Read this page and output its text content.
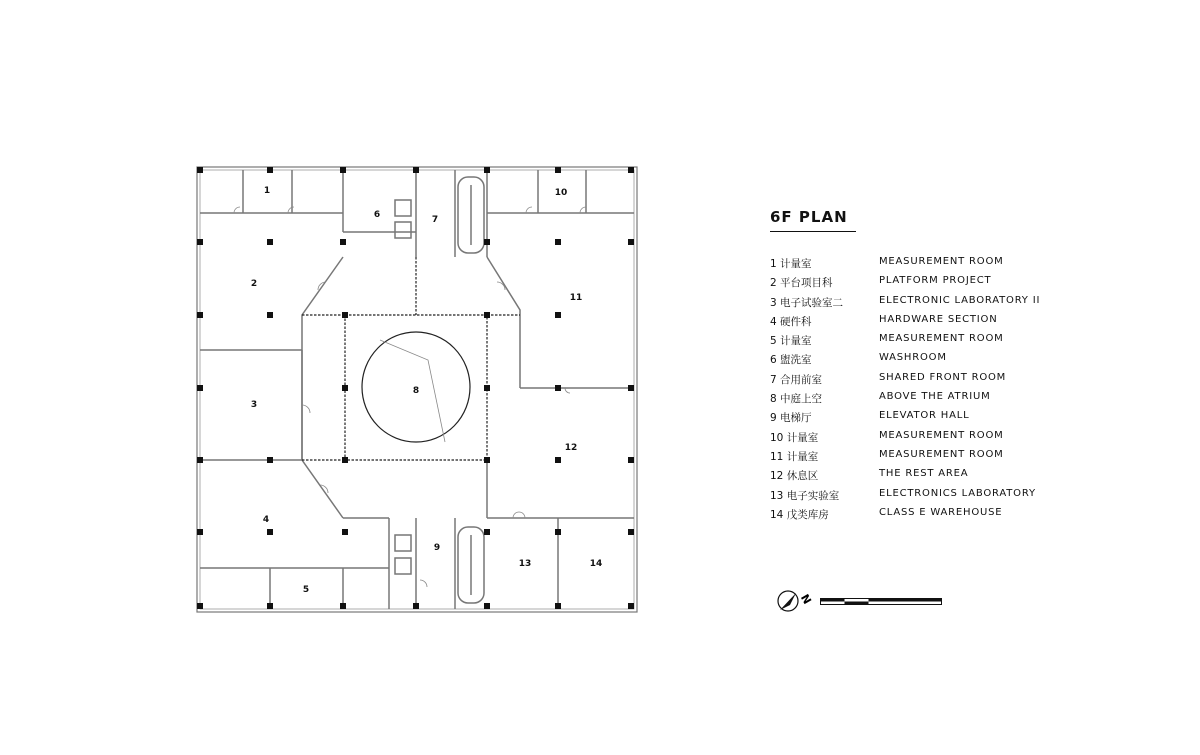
1
2
3
4
5
6	7
8
9
10
11
12
13	14
6F PLAN
1 计量室	MEASUREMENT ROOM
2 平台项目科	PLATFORM PROJECT
3 电子试验室二	ELECTRONIC LABORATORY II
4 硬件科	HARDWARE SECTION
5 计量室	MEASUREMENT ROOM
6 盥洗室	WASHROOM
7 合用前室	SHARED FRONT ROOM
8 中庭上空	ABOVE THE ATRIUM
9 电梯厅	ELEVATOR HALL
10 计量室	MEASUREMENT ROOM
11 计量室	MEASUREMENT ROOM
12 休息区	THE REST AREA
13 电子实验室	ELECTRONICS LABORATORY
14 戊类库房	CLASS E WAREHOUSE
N
